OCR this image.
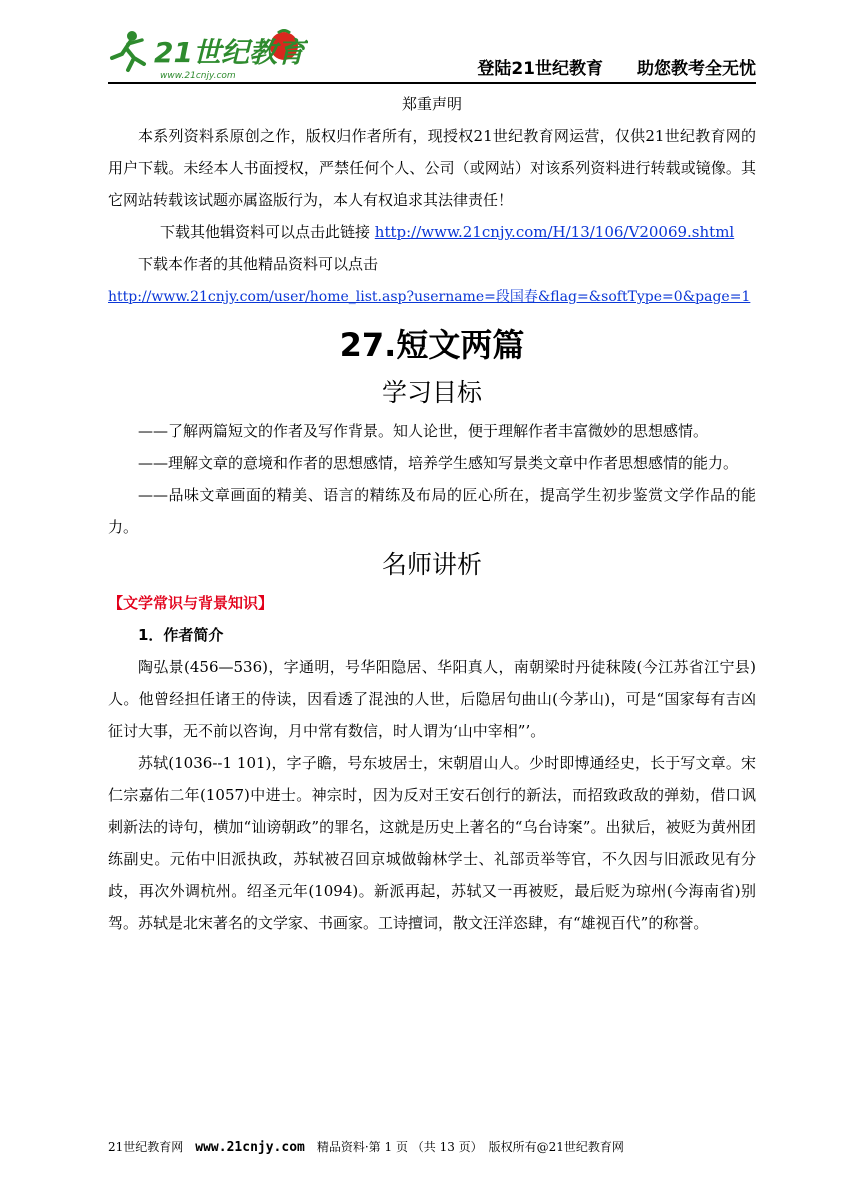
21世纪教育
www.21cnjy.com	登陆21世纪教育　　助您教考全无忧

郑重声明

本系列资料系原创之作，版权归作者所有，现授权21世纪教育网运营，仅供21世纪教育网的用户下载。未经本人书面授权，严禁任何个人、公司（或网站）对该系列资料进行转载或镜像。其它网站转载该试题亦属盗版行为，本人有权追求其法律责任！

下载其他辑资料可以点击此链接 http://www.21cnjy.com/H/13/106/V20069.shtml

下载本作者的其他精品资料可以点击

http://www.21cnjy.com/user/home_list.asp?username=段国春&flag=&softType=0&page=1

27.短文两篇
学习目标

——了解两篇短文的作者及写作背景。知人论世，便于理解作者丰富微妙的思想感情。

——理解文章的意境和作者的思想感情，培养学生感知写景类文章中作者思想感情的能力。

——品味文章画面的精美、语言的精练及布局的匠心所在，提高学生初步鉴赏文学作品的能力。

名师讲析

【文学常识与背景知识】

1．作者简介

陶弘景(456—536)，字通明，号华阳隐居、华阳真人，南朝梁时丹徒秣陵(今江苏省江宁县)人。他曾经担任诸王的侍读，因看透了混浊的人世，后隐居句曲山(今茅山)，可是“国家每有吉凶征讨大事，无不前以咨询，月中常有数信，时人谓为‘山中宰相”’。

苏轼(1036--1 101)，字子瞻，号东坡居士，宋朝眉山人。少时即博通经史，长于写文章。宋仁宗嘉佑二年(1057)中进士。神宗时，因为反对王安石创行的新法，而招致政敌的弹劾，借口讽刺新法的诗句，横加“讪谤朝政”的罪名，这就是历史上著名的“乌台诗案”。出狱后，被贬为黄州团练副史。元佑中旧派执政，苏轼被召回京城做翰林学士、礼部贡举等官，不久因与旧派政见有分歧，再次外调杭州。绍圣元年(1094)。新派再起，苏轼又一再被贬，最后贬为琼州(今海南省)别驾。苏轼是北宋著名的文学家、书画家。工诗擅词，散文汪洋恣肆，有“雄视百代”的称誉。

21世纪教育网　www.21cnjy.com　精品资料·第 1 页 （共 13 页）　版权所有@21世纪教育网
